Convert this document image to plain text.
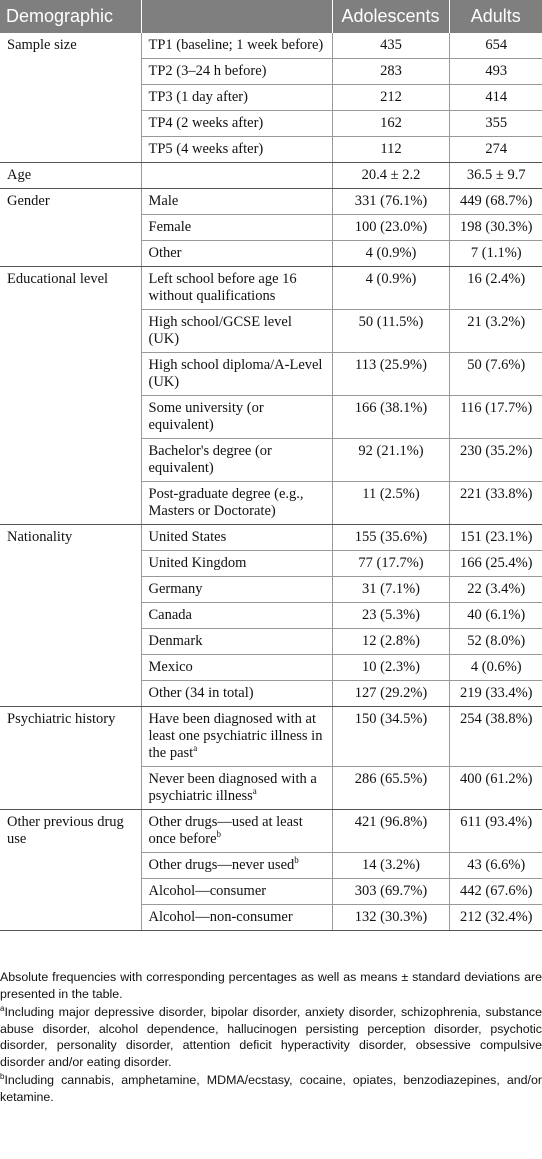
Demographic		Adolescents	Adults
Sample size	TP1 (baseline; 1 week before)	435	654
	TP2 (3–24 h before)	283	493
	TP3 (1 day after)	212	414
	TP4 (2 weeks after)	162	355
	TP5 (4 weeks after)	112	274
Age		20.4 ± 2.2	36.5 ± 9.7
Gender	Male	331 (76.1%)	449 (68.7%)
	Female	100 (23.0%)	198 (30.3%)
	Other	4 (0.9%)	7 (1.1%)
Educational level	Left school before age 16 without qualifications	4 (0.9%)	16 (2.4%)
	High school/GCSE level (UK)	50 (11.5%)	21 (3.2%)
	High school diploma/A-Level (UK)	113 (25.9%)	50 (7.6%)
	Some university (or equivalent)	166 (38.1%)	116 (17.7%)
	Bachelor's degree (or equivalent)	92 (21.1%)	230 (35.2%)
	Post-graduate degree (e.g., Masters or Doctorate)	11 (2.5%)	221 (33.8%)
Nationality	United States	155 (35.6%)	151 (23.1%)
	United Kingdom	77 (17.7%)	166 (25.4%)
	Germany	31 (7.1%)	22 (3.4%)
	Canada	23 (5.3%)	40 (6.1%)
	Denmark	12 (2.8%)	52 (8.0%)
	Mexico	10 (2.3%)	4 (0.6%)
	Other (34 in total)	127 (29.2%)	219 (33.4%)
Psychiatric history	Have been diagnosed with at least one psychiatric illness in the past$^a$	150 (34.5%)	254 (38.8%)
	Never been diagnosed with a psychiatric illness$^a$	286 (65.5%)	400 (61.2%)
Other previous drug use	Other drugs—used at least once before$^b$	421 (96.8%)	611 (93.4%)
	Other drugs—never used$^b$	14 (3.2%)	43 (6.6%)
	Alcohol—consumer	303 (69.7%)	442 (67.6%)
	Alcohol—non-consumer	132 (30.3%)	212 (32.4%)

Absolute frequencies with corresponding percentages as well as means ± standard deviations are presented in the table.

$^a$Including major depressive disorder, bipolar disorder, anxiety disorder, schizophrenia, substance abuse disorder, alcohol dependence, hallucinogen persisting perception disorder, psychotic disorder, personality disorder, attention deficit hyperactivity disorder, obsessive compulsive disorder and/or eating disorder.

$^b$Including cannabis, amphetamine, MDMA/ecstasy, cocaine, opiates, benzodiazepines, and/or ketamine.
